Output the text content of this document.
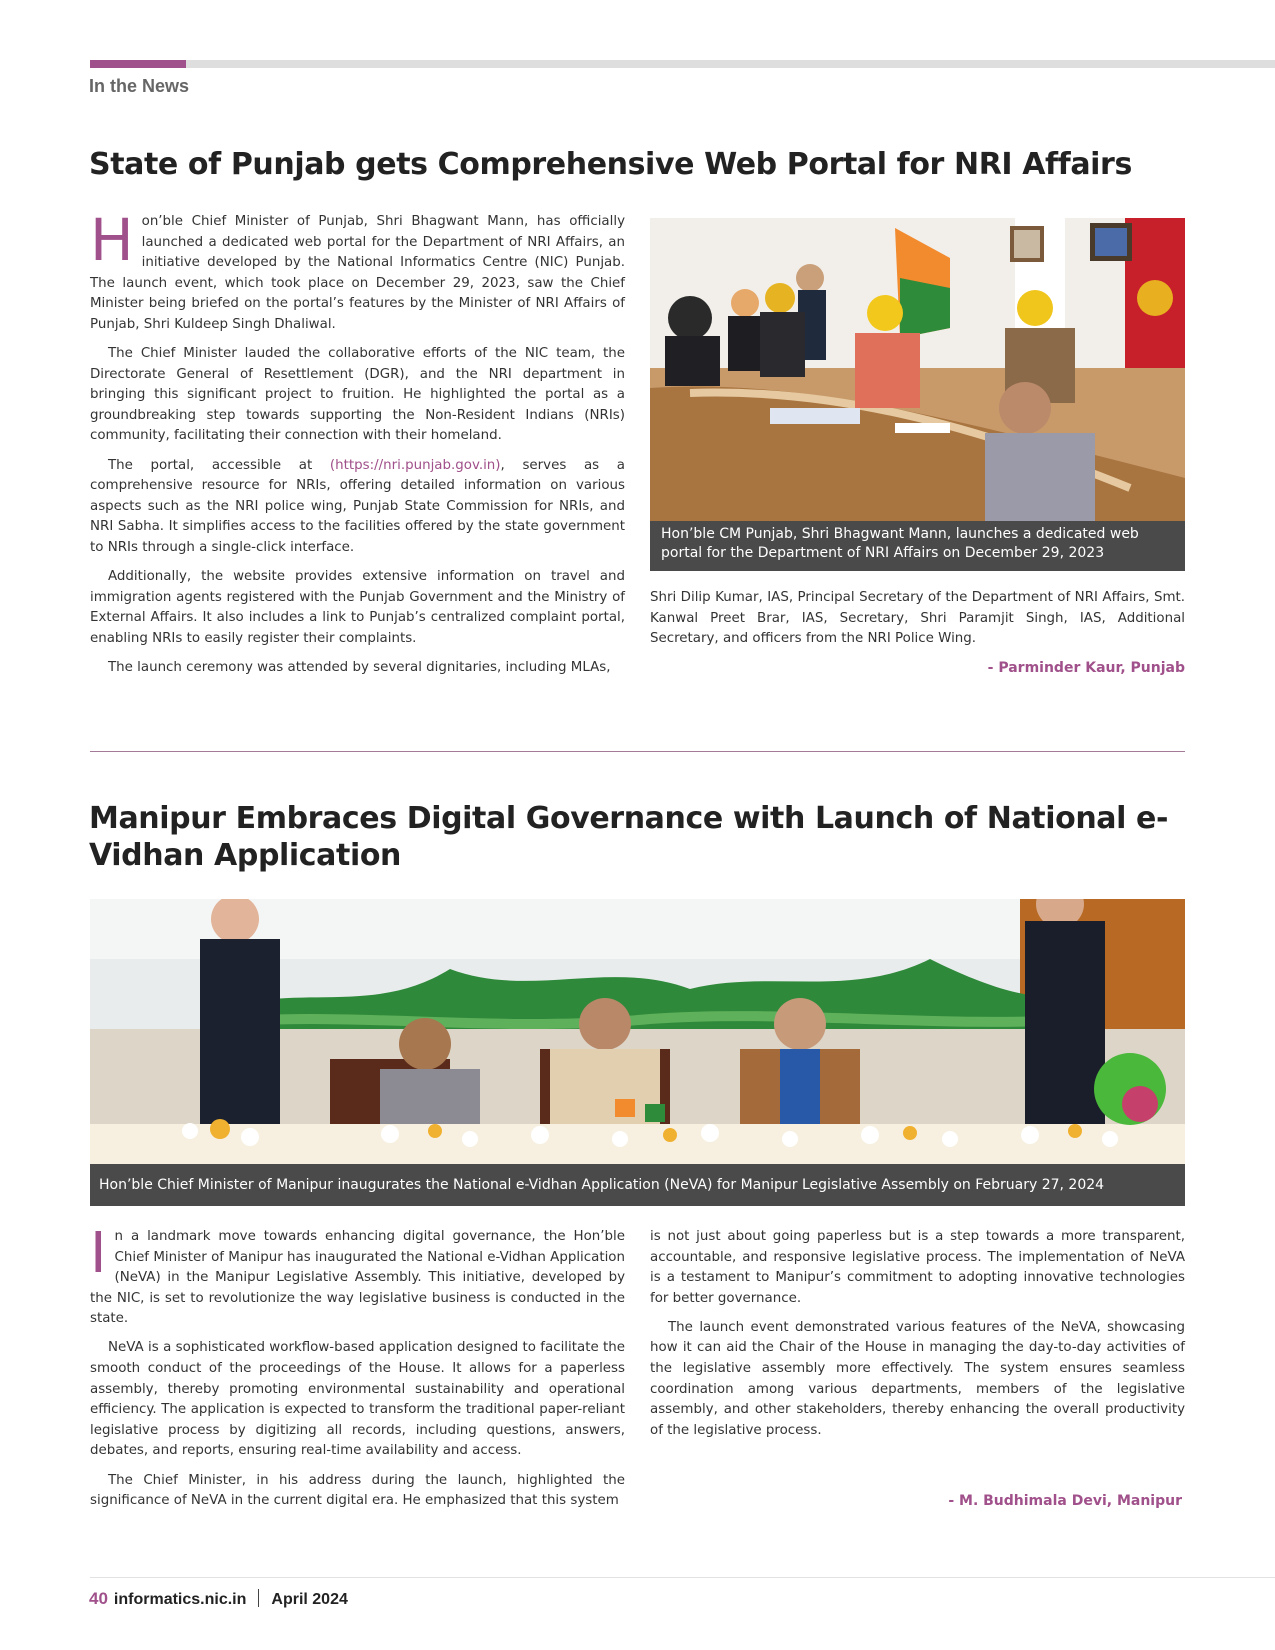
In the News
State of Punjab gets Comprehensive Web Portal for NRI Affairs

Hon’ble Chief Minister of Punjab, Shri Bhagwant Mann, has officially launched a dedicated web portal for the Department of NRI Affairs, an initiative developed by the National Informatics Centre (NIC) Punjab. The launch event, which took place on December 29, 2023, saw the Chief Minister being briefed on the portal’s features by the Minister of NRI Affairs of Punjab, Shri Kuldeep Singh Dhaliwal.

The Chief Minister lauded the collaborative efforts of the NIC team, the Directorate General of Resettlement (DGR), and the NRI department in bringing this significant project to fruition. He highlighted the portal as a groundbreaking step towards supporting the Non-Resident Indians (NRIs) community, facilitating their connection with their homeland.

The portal, accessible at (https://nri.punjab.gov.in), serves as a comprehensive resource for NRIs, offering detailed information on various aspects such as the NRI police wing, Punjab State Commission for NRIs, and NRI Sabha. It simplifies access to the facilities offered by the state government to NRIs through a single-click interface.

Additionally, the website provides extensive information on travel and immigration agents registered with the Punjab Government and the Ministry of External Affairs. It also includes a link to Punjab’s centralized complaint portal, enabling NRIs to easily register their complaints.

The launch ceremony was attended by several dignitaries, including MLAs,

Hon’ble CM Punjab, Shri Bhagwant Mann, launches a dedicated web portal for the Department of NRI Affairs on December 29, 2023

Shri Dilip Kumar, IAS, Principal Secretary of the Department of NRI Affairs, Smt. Kanwal Preet Brar, IAS, Secretary, Shri Paramjit Singh, IAS, Additional Secretary, and officers from the NRI Police Wing.

- Parminder Kaur, Punjab
Manipur Embraces Digital Governance with Launch of National e-Vidhan Application
Hon’ble Chief Minister of Manipur inaugurates the National e-Vidhan Application (NeVA) for Manipur Legislative Assembly on February 27, 2024

In a landmark move towards enhancing digital governance, the Hon’ble Chief Minister of Manipur has inaugurated the National e-Vidhan Application (NeVA) in the Manipur Legislative Assembly. This initiative, developed by the NIC, is set to revolutionize the way legislative business is conducted in the state.

NeVA is a sophisticated workflow-based application designed to facilitate the smooth conduct of the proceedings of the House. It allows for a paperless assembly, thereby promoting environmental sustainability and operational efficiency. The application is expected to transform the traditional paper-reliant legislative process by digitizing all records, including questions, answers, debates, and reports, ensuring real-time availability and access.

The Chief Minister, in his address during the launch, highlighted the significance of NeVA in the current digital era. He emphasized that this system

is not just about going paperless but is a step towards a more transparent, accountable, and responsive legislative process. The implementation of NeVA is a testament to Manipur’s commitment to adopting innovative technologies for better governance.

The launch event demonstrated various features of the NeVA, showcasing how it can aid the Chair of the House in managing the day-to-day activities of the legislative assembly more effectively. The system ensures seamless coordination among various departments, members of the legislative assembly, and other stakeholders, thereby enhancing the overall productivity of the legislative process.

- M. Budhimala Devi, Manipur
40 informatics.nic.in April 2024
